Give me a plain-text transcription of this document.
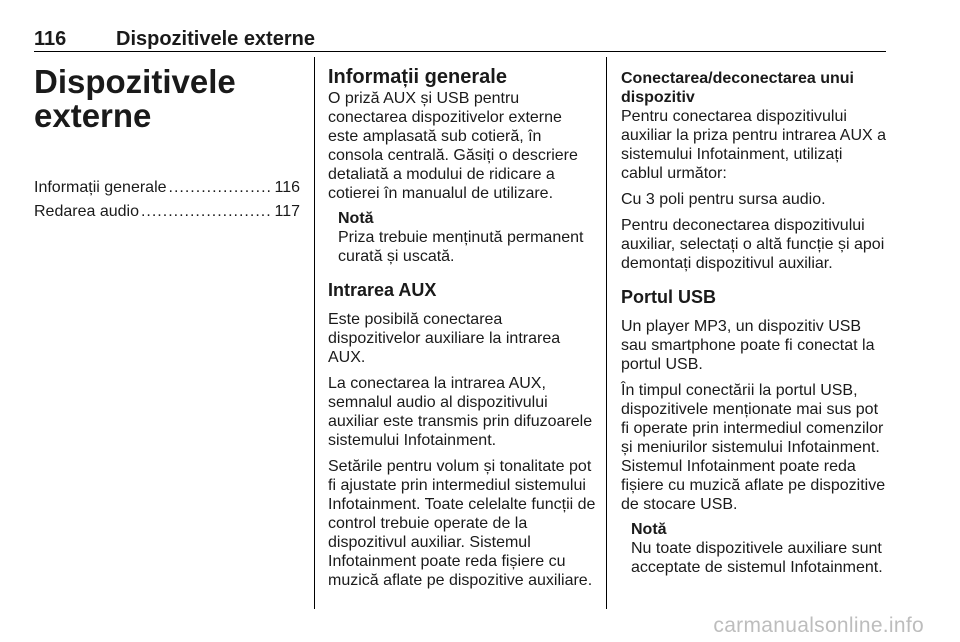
116 Dispozitivele externe
Dispozitivele
externe
Informații generale .....	116
Redarea audio .....	117
Informații generale

O priză AUX și USB pentru conectarea dispozitivelor externe este amplasată sub cotieră, în consola centrală. Găsiți o descriere detaliată a modului de ridicare a cotierei în manualul de utilizare.

Notă
Priza trebuie menținută permanent curată și uscată.
Intrarea AUX

Este posibilă conectarea dispozitivelor auxiliare la intrarea AUX.

La conectarea la intrarea AUX, semnalul audio al dispozitivului auxiliar este transmis prin difuzoarele sistemului Infotainment.

Setările pentru volum și tonalitate pot fi ajustate prin intermediul sistemului Infotainment. Toate celelalte funcții de control trebuie operate de la dispozitivul auxiliar. Sistemul Infotainment poate reda fișiere cu muzică aflate pe dispozitive auxiliare.

Conectarea/deconectarea unui dispozitiv

Pentru conectarea dispozitivului auxiliar la priza pentru intrarea AUX a sistemului Infotainment, utilizați cablul următor:

Cu 3 poli pentru sursa audio.

Pentru deconectarea dispozitivului auxiliar, selectați o altă funcție și apoi demontați dispozitivul auxiliar.

Portul USB

Un player MP3, un dispozitiv USB sau smartphone poate fi conectat la portul USB.

În timpul conectării la portul USB, dispozitivele menționate mai sus pot fi operate prin intermediul comenzilor și meniurilor sistemului Infotainment. Sistemul Infotainment poate reda fișiere cu muzică aflate pe dispozitive de stocare USB.

Notă
Nu toate dispozitivele auxiliare sunt acceptate de sistemul Infotainment.
carmanualsonline.info
